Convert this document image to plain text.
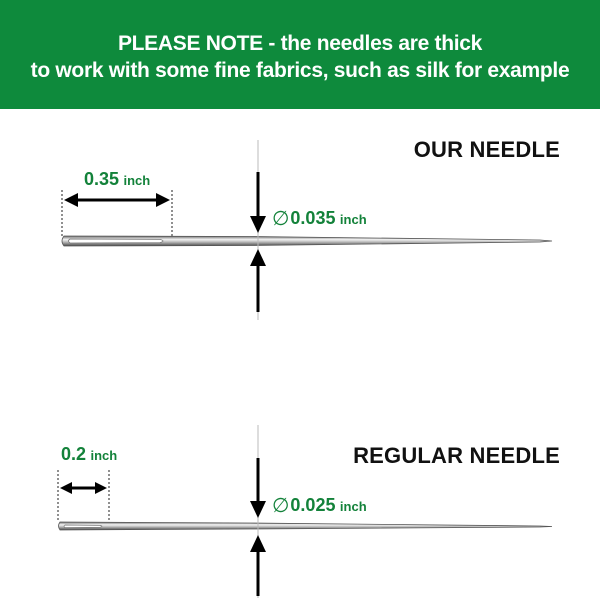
PLEASE NOTE - the needles are thick
to work with some fine fabrics, such as silk for example
OUR NEEDLE
REGULAR NEEDLE
0.35 inch
∅0.035 inch
0.2 inch
∅0.025 inch
